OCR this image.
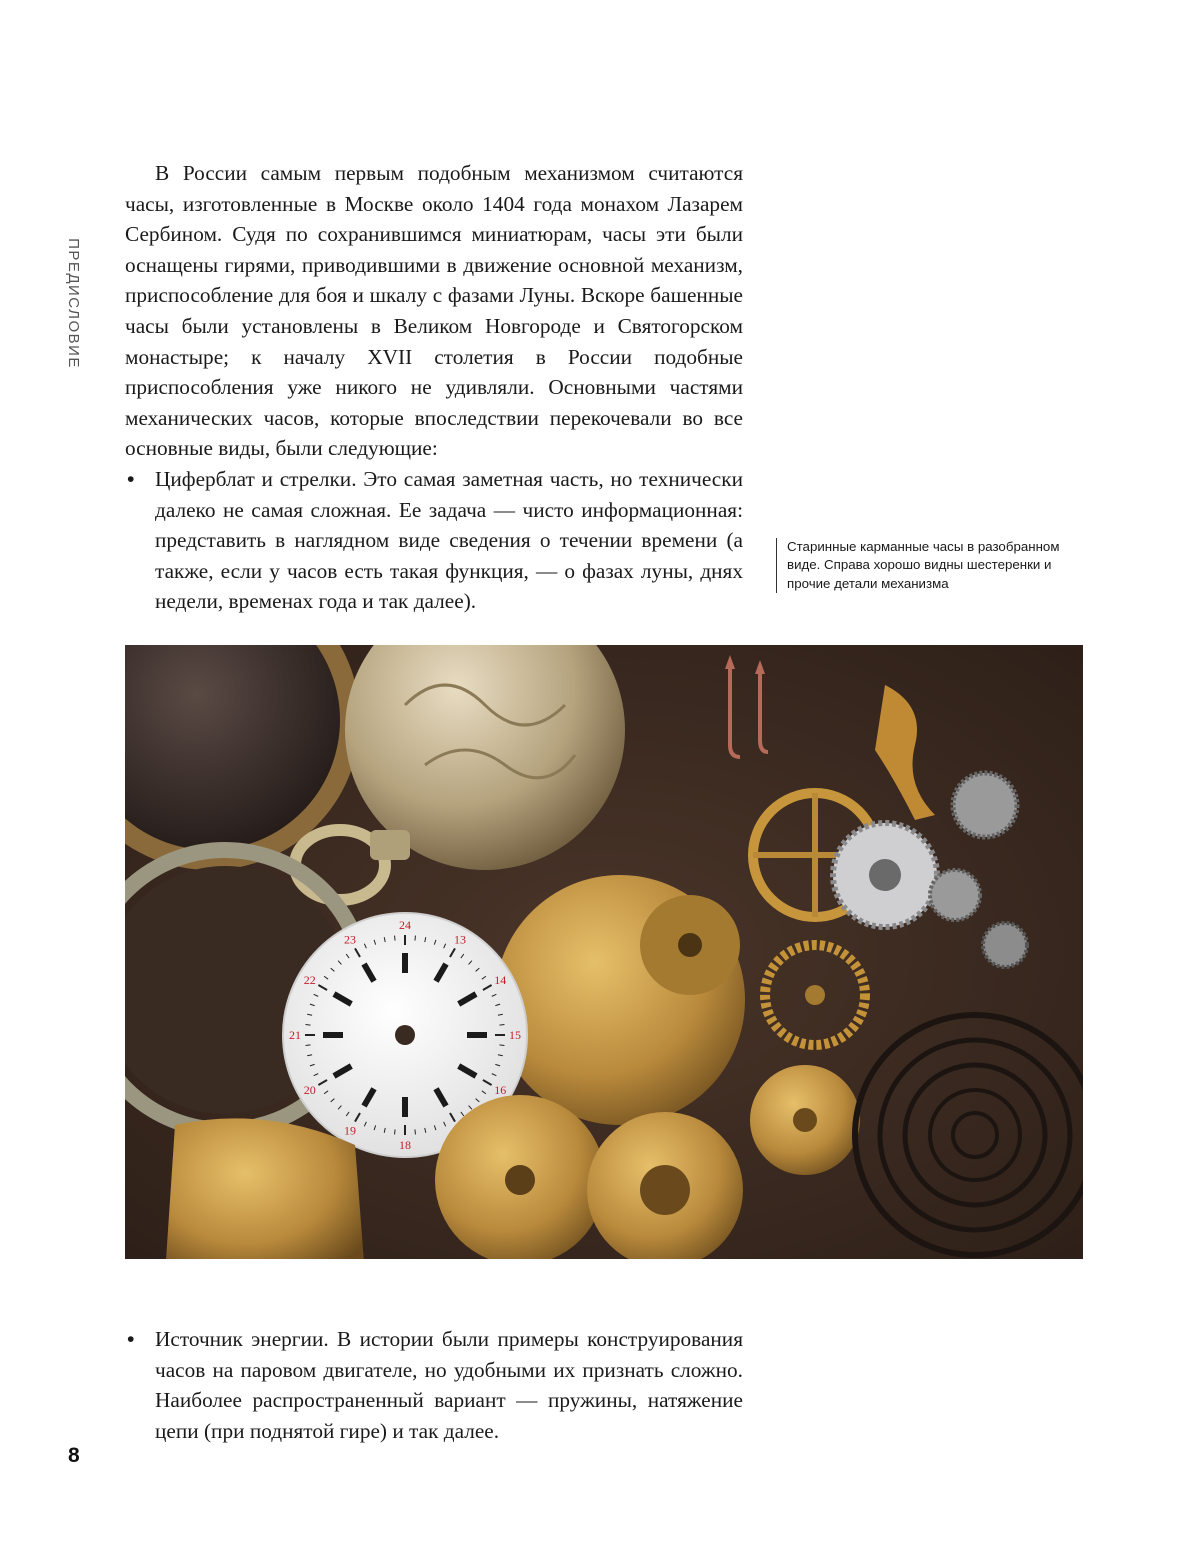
ПРЕДИСЛОВИЕ

В России самым первым подобным механизмом считаются часы, изготовленные в Москве около 1404 года монахом Лазарем Сербином. Судя по сохранившимся миниатюрам, часы эти были оснащены гирями, приводившими в движение основной механизм, приспособление для боя и шкалу с фазами Луны. Вскоре башенные часы были установлены в Великом Новгороде и Святогорском монастыре; к началу XVII столетия в России подобные приспособления уже никого не удивляли. Основными частями механических часов, которые впоследствии перекочевали во все основные виды, были следующие:

• Циферблат и стрелки. Это самая заметная часть, но технически далеко не самая сложная. Ее задача — чисто информационная: представить в наглядном виде сведения о течении времени (а также, если у часов есть такая функция, — о фазах луны, днях недели, временах года и так далее).
Старинные карманные часы в разобранном виде. Справа хорошо видны шестеренки и прочие детали механизма
13
14
15
16
18
19
20
21
22
23
24
• Источник энергии. В истории были примеры конструирования часов на паровом двигателе, но удобными их признать сложно. Наиболее распространенный вариант — пружины, натяжение цепи (при поднятой гире) и так далее.
8
